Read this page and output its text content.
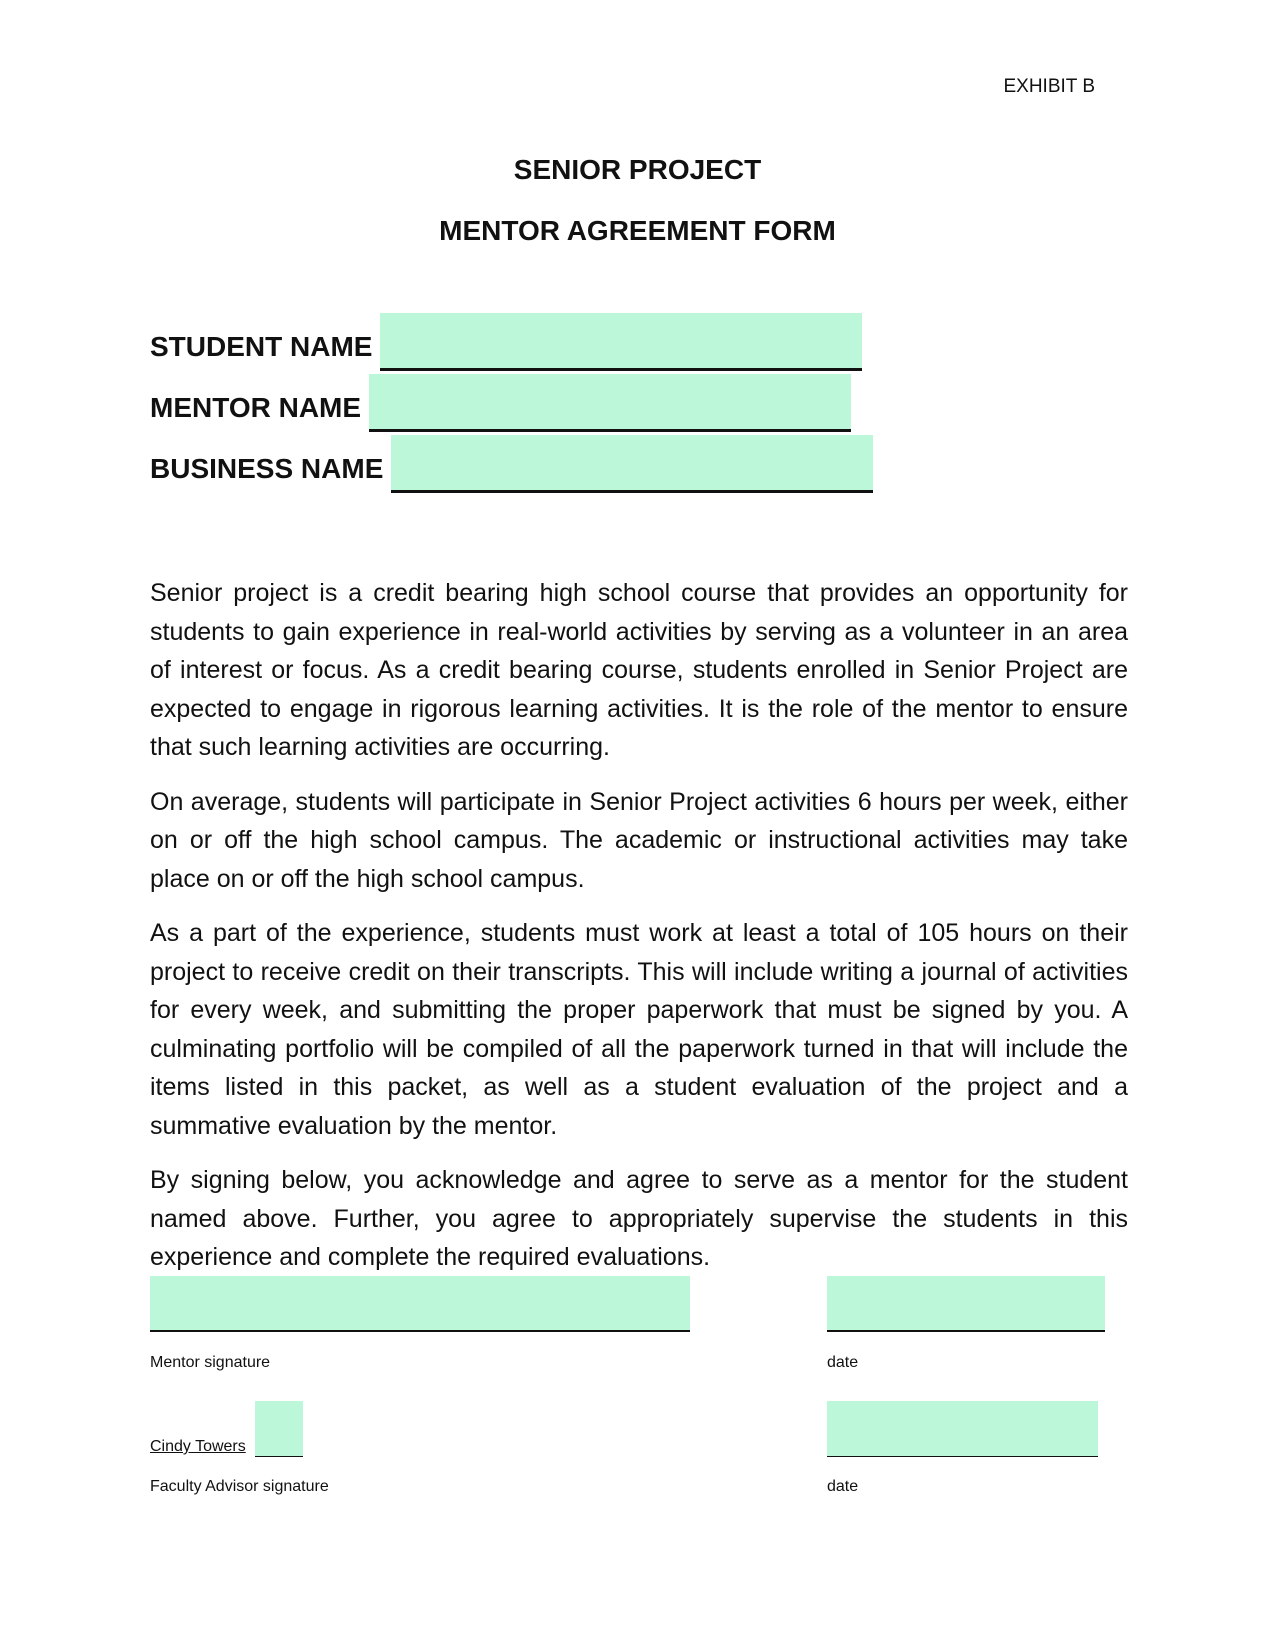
EXHIBIT B
SENIOR PROJECT
MENTOR AGREEMENT FORM
STUDENT NAME
MENTOR NAME
BUSINESS NAME

Senior project is a credit bearing high school course that provides an opportunity for students to gain experience in real-world activities by serving as a volunteer in an area of interest or focus. As a credit bearing course, students enrolled in Senior Project are expected to engage in rigorous learning activities. It is the role of the mentor to ensure that such learning activities are occurring.

On average, students will participate in Senior Project activities 6 hours per week, either on or off the high school campus. The academic or instructional activities may take place on or off the high school campus.

As a part of the experience, students must work at least a total of 105 hours on their project to receive credit on their transcripts. This will include writing a journal of activities for every week, and submitting the proper paperwork that must be signed by you. A culminating portfolio will be compiled of all the paperwork turned in that will include the items listed in this packet, as well as a student evaluation of the project and a summative evaluation by the mentor.

By signing below, you acknowledge and agree to serve as a mentor for the student named above. Further, you agree to appropriately supervise the students in this experience and complete the required evaluations.

Mentor signature	date
Cindy Towers
Faculty Advisor signature	date
